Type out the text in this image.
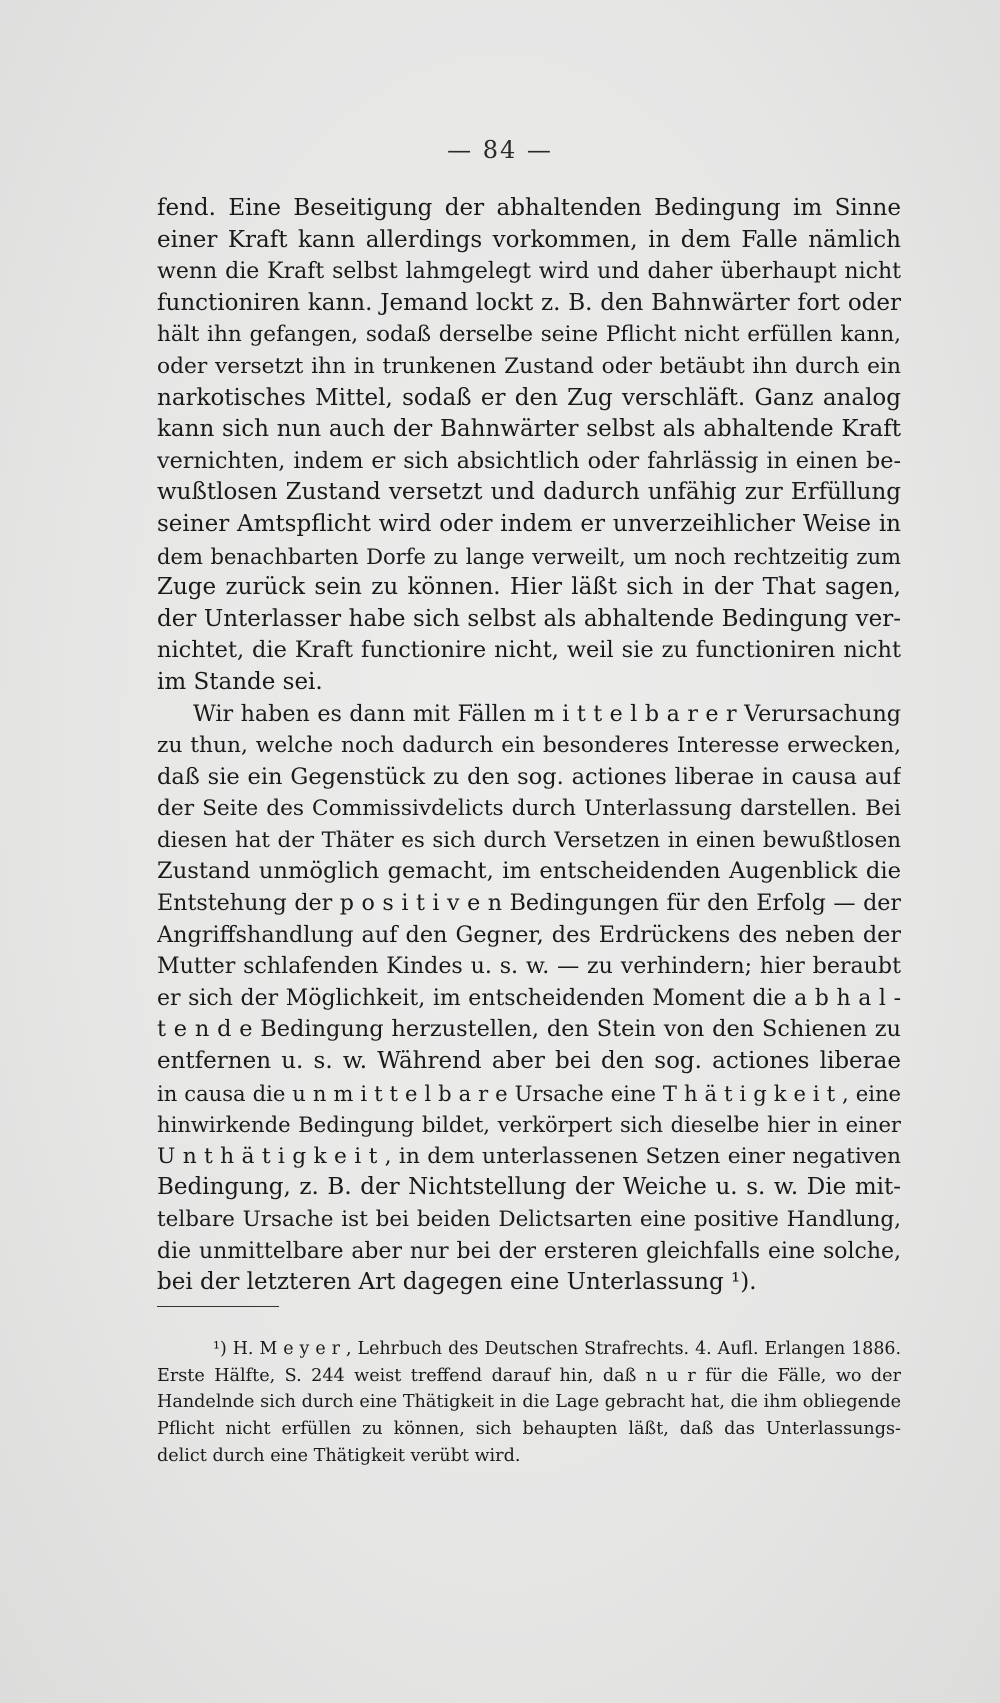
— 84 —
fend. Eine Beseitigung der abhaltenden Bedingung im Sinne
einer Kraft kann allerdings vorkommen, in dem Falle nämlich
wenn die Kraft selbst lahmgelegt wird und daher überhaupt nicht
functioniren kann. Jemand lockt z. B. den Bahnwärter fort oder
hält ihn gefangen, sodaß derselbe seine Pflicht nicht erfüllen kann,
oder versetzt ihn in trunkenen Zustand oder betäubt ihn durch ein
narkotisches Mittel, sodaß er den Zug verschläft. Ganz analog
kann sich nun auch der Bahnwärter selbst als abhaltende Kraft
vernichten, indem er sich absichtlich oder fahrlässig in einen be-
wußtlosen Zustand versetzt und dadurch unfähig zur Erfüllung
seiner Amtspflicht wird oder indem er unverzeihlicher Weise in
dem benachbarten Dorfe zu lange verweilt, um noch rechtzeitig zum
Zuge zurück sein zu können. Hier läßt sich in der That sagen,
der Unterlasser habe sich selbst als abhaltende Bedingung ver-
nichtet, die Kraft functionire nicht, weil sie zu functioniren nicht
im Stande sei.
Wir haben es dann mit Fällen m i t t e l b a r e r Verursachung
zu thun, welche noch dadurch ein besonderes Interesse erwecken,
daß sie ein Gegenstück zu den sog. actiones liberae in causa auf
der Seite des Commissivdelicts durch Unterlassung darstellen. Bei
diesen hat der Thäter es sich durch Versetzen in einen bewußtlosen
Zustand unmöglich gemacht, im entscheidenden Augenblick die
Entstehung der p o s i t i v e n Bedingungen für den Erfolg — der
Angriffshandlung auf den Gegner, des Erdrückens des neben der
Mutter schlafenden Kindes u. s. w. — zu verhindern; hier beraubt
er sich der Möglichkeit, im entscheidenden Moment die a b h a l -
t e n d e Bedingung herzustellen, den Stein von den Schienen zu
entfernen u. s. w. Während aber bei den sog. actiones liberae
in causa die u n m i t t e l b a r e Ursache eine T h ä t i g k e i t , eine
hinwirkende Bedingung bildet, verkörpert sich dieselbe hier in einer
U n t h ä t i g k e i t , in dem unterlassenen Setzen einer negativen
Bedingung, z. B. der Nichtstellung der Weiche u. s. w. Die mit-
telbare Ursache ist bei beiden Delictsarten eine positive Handlung,
die unmittelbare aber nur bei der ersteren gleichfalls eine solche,
bei der letzteren Art dagegen eine Unterlassung ¹).
¹) H. M e y e r , Lehrbuch des Deutschen Strafrechts. 4. Aufl. Erlangen 1886.
Erste Hälfte, S. 244 weist treffend darauf hin, daß n u r für die Fälle, wo der
Handelnde sich durch eine Thätigkeit in die Lage gebracht hat, die ihm obliegende
Pflicht nicht erfüllen zu können, sich behaupten läßt, daß das Unterlassungs-
delict durch eine Thätigkeit verübt wird.
